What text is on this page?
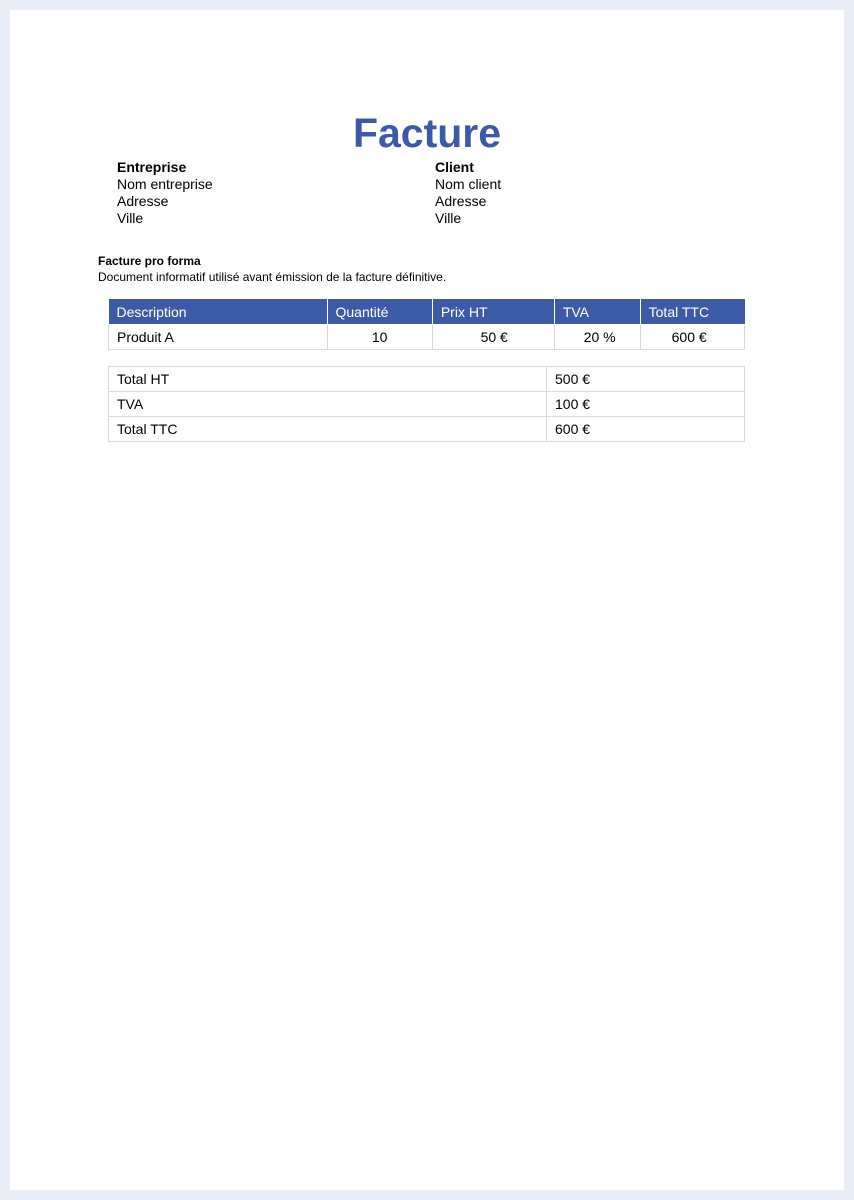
Facture
Entreprise
Nom entreprise
Adresse
Ville
Client
Nom client
Adresse
Ville
Facture pro forma
Document informatif utilisé avant émission de la facture définitive.
Description	Quantité	Prix HT	TVA	Total TTC
Produit A	10	50 €	20 %	600 €
Total HT	500 €
TVA	100 €
Total TTC	600 €
